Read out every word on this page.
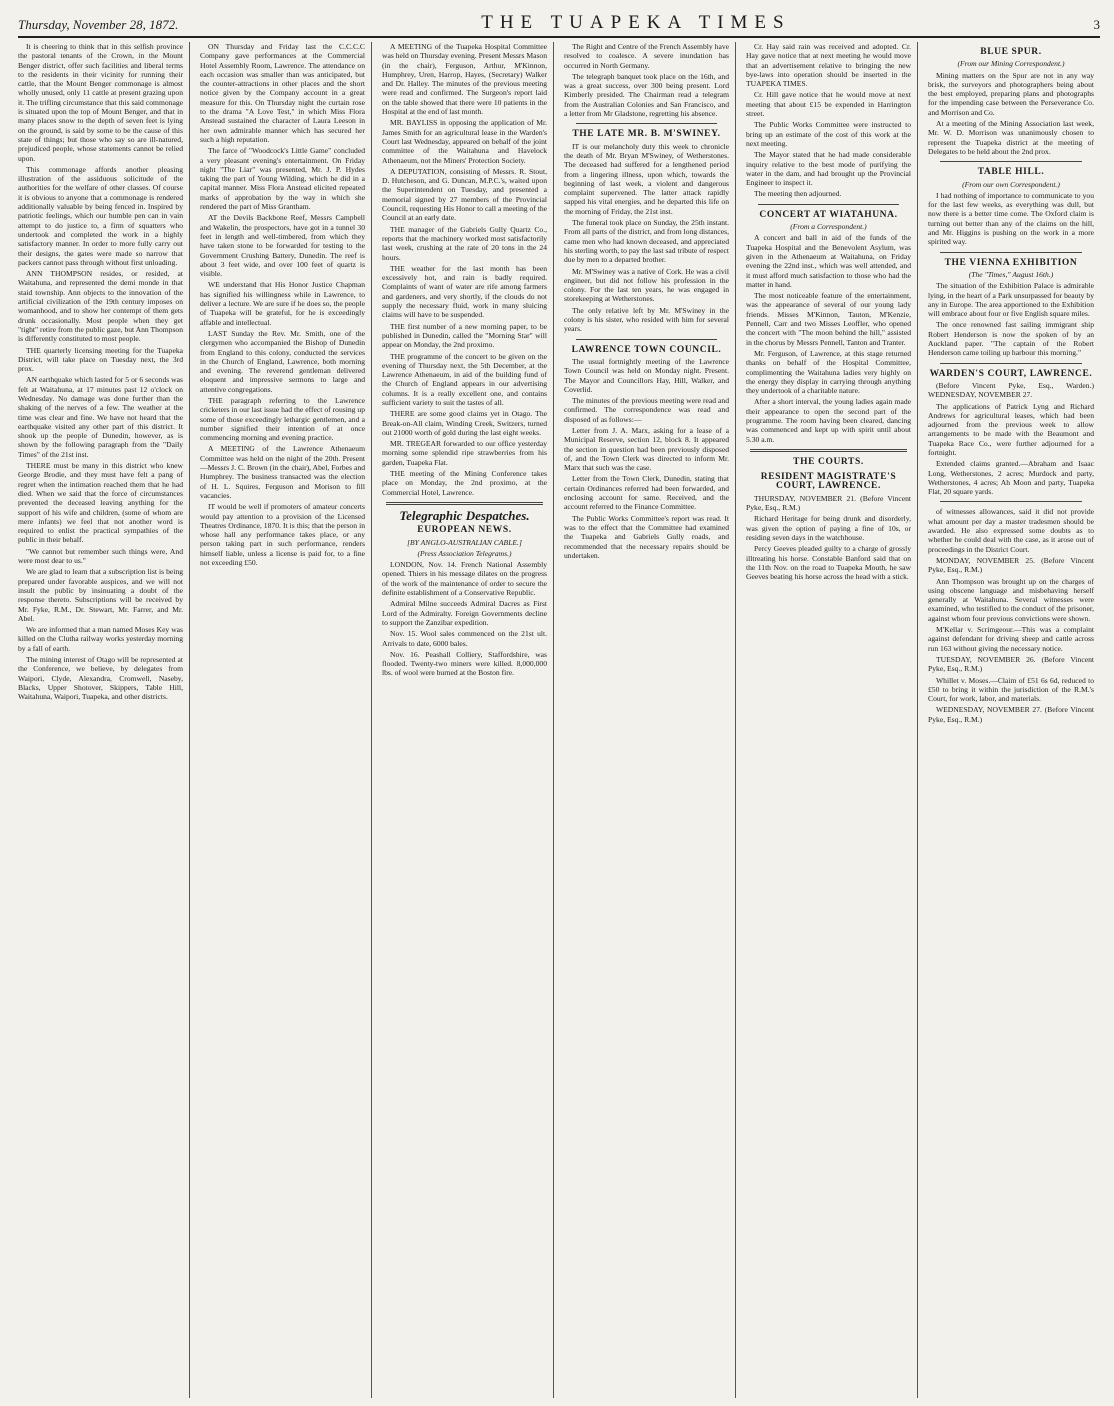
Thursday, November 28, 1872.	THE TUAPEKA TIMES	3

It is cheering to think that in this selfish province the pastoral tenants of the Crown, in the Mount Benger district, offer such facilities and liberal terms to the residents in their vicinity for running their cattle, that the Mount Benger commonage is almost wholly unused, only 11 cattle at present grazing upon it. The trifling circumstance that this said commonage is situated upon the top of Mount Benger, and that in many places snow to the depth of seven feet is lying on the ground, is said by some to be the cause of this state of things; but those who say so are ill-natured, prejudiced people, whose statements cannot be relied upon.

This commonage affords another pleasing illustration of the assiduous solicitude of the authorities for the welfare of other classes. Of course it is obvious to anyone that a commonage is rendered additionally valuable by being fenced in. Inspired by patriotic feelings, which our humble pen can in vain attempt to do justice to, a firm of squatters who undertook and completed the work in a highly satisfactory manner. In order to more fully carry out their designs, the gates were made so narrow that packers cannot pass through without first unloading.

ANN THOMPSON resides, or resided, at Waitahuna, and represented the demi monde in that staid township. Ann objects to the innovation of the artificial civilization of the 19th century imposes on womanhood, and to show her contempt of them gets drunk occasionally. Most people when they get "tight" retire from the public gaze, but Ann Thompson is differently constituted to most people.

THE quarterly licensing meeting for the Tuapeka District, will take place on Tuesday next, the 3rd prox.

AN earthquake which lasted for 5 or 6 seconds was felt at Waitahuna, at 17 minutes past 12 o'clock on Wednesday. No damage was done further than the shaking of the nerves of a few. The weather at the time was clear and fine. We have not heard that the earthquake visited any other part of this district. It shook up the people of Dunedin, however, as is shown by the following paragraph from the "Daily Times" of the 21st inst.

THERE must be many in this district who knew George Brodie, and they must have felt a pang of regret when the intimation reached them that he had died. When we said that the force of circumstances prevented the deceased leaving anything for the support of his wife and children, (some of whom are mere infants) we feel that not another word is required to enlist the practical sympathies of the public in their behalf.

"We cannot but remember such things were, And were most dear to us."

We are glad to learn that a subscription list is being prepared under favorable auspices, and we will not insult the public by insinuating a doubt of the response thereto. Subscriptions will be received by Mr. Fyke, R.M., Dr. Stewart, Mr. Farrer, and Mr. Abel.

We are informed that a man named Moses Key was killed on the Clutha railway works yesterday morning by a fall of earth.

The mining interest of Otago will be represented at the Conference, we believe, by delegates from Waipori, Clyde, Alexandra, Cromwell, Naseby, Blacks, Upper Shotover, Skippers, Table Hill, Waitahuna, Waipori, Tuapeka, and other districts.

ON Thursday and Friday last the C.C.C.C Company gave performances at the Commercial Hotel Assembly Room, Lawrence. The attendance on each occasion was smaller than was anticipated, but the counter-attractions in other places and the short notice given by the Company account in a great measure for this. On Thursday night the curtain rose to the drama "A Love Test," in which Miss Flora Anstead sustained the character of Laura Leeson in her own admirable manner which has secured her such a high reputation.

The farce of "Woodcock's Little Game" concluded a very pleasant evening's entertainment. On Friday night "The Liar" was presented, Mr. J. P. Hydes taking the part of Young Wilding, which he did in a capital manner. Miss Flora Anstead elicited repeated marks of approbation by the way in which she rendered the part of Miss Grantham.

AT the Devils Backbone Reef, Messrs Campbell and Wakelin, the prospectors, have got in a tunnel 30 feet in length and well-timbered, from which they have taken stone to be forwarded for testing to the Government Crushing Battery, Dunedin. The reef is about 3 feet wide, and over 100 feet of quartz is visible.

WE understand that His Honor Justice Chapman has signified his willingness while in Lawrence, to deliver a lecture. We are sure if he does so, the people of Tuapeka will be grateful, for he is exceedingly affable and intellectual.

LAST Sunday the Rev. Mr. Smith, one of the clergymen who accompanied the Bishop of Dunedin from England to this colony, conducted the services in the Church of England, Lawrence, both morning and evening. The reverend gentleman delivered eloquent and impressive sermons to large and attentive congregations.

THE paragraph referring to the Lawrence cricketers in our last issue had the effect of rousing up some of those exceedingly lethargic gentlemen, and a number signified their intention of at once commencing morning and evening practice.

A MEETING of the Lawrence Athenaeum Committee was held on the night of the 20th. Present—Messrs J. C. Brown (in the chair), Abel, Forbes and Humphrey. The business transacted was the election of H. L. Squires, Ferguson and Morison to fill vacancies.

IT would be well if promoters of amateur concerts would pay attention to a provision of the Licensed Theatres Ordinance, 1870. It is this; that the person in whose hall any performance takes place, or any person taking part in such performance, renders himself liable, unless a license is paid for, to a fine not exceeding £50.

A MEETING of the Tuapeka Hospital Committee was held on Thursday evening. Present Messrs Mason (in the chair), Ferguson, Arthur, M'Kinnon, Humphrey, Uren, Harrop, Hayes, (Secretary) Walker and Dr. Halley. The minutes of the previous meeting were read and confirmed. The Surgeon's report laid on the table showed that there were 10 patients in the Hospital at the end of last month.

MR. BAYLISS in opposing the application of Mr. James Smith for an agricultural lease in the Warden's Court last Wednesday, appeared on behalf of the joint committee of the Waitahuna and Havelock Athenaeum, not the Miners' Protection Society.

A DEPUTATION, consisting of Messrs. R. Stout, D. Hutcheson, and G. Duncan, M.P.C.'s, waited upon the Superintendent on Tuesday, and presented a memorial signed by 27 members of the Provincial Council, requesting His Honor to call a meeting of the Council at an early date.

THE manager of the Gabriels Gully Quartz Co., reports that the machinery worked most satisfactorily last week, crushing at the rate of 20 tons in the 24 hours.

THE weather for the last month has been excessively hot, and rain is badly required. Complaints of want of water are rife among farmers and gardeners, and very shortly, if the clouds do not supply the necessary fluid, work in many sluicing claims will have to be suspended.

THE first number of a new morning paper, to be published in Dunedin, called the "Morning Star" will appear on Monday, the 2nd proximo.

THE programme of the concert to be given on the evening of Thursday next, the 5th December, at the Lawrence Athenaeum, in aid of the building fund of the Church of England appears in our advertising columns. It is a really excellent one, and contains sufficient variety to suit the tastes of all.

THERE are some good claims yet in Otago. The Break-on-All claim, Winding Creek, Switzers, turned out 21000 worth of gold during the last eight weeks.

MR. TREGEAR forwarded to our office yesterday morning some splendid ripe strawberries from his garden, Tuapeka Flat.

THE meeting of the Mining Conference takes place on Monday, the 2nd proximo, at the Commercial Hotel, Lawrence.

Telegraphic Despatches.
EUROPEAN NEWS.

[BY ANGLO-AUSTRALIAN CABLE.]

(Press Association Telegrams.)

LONDON, Nov. 14. French National Assembly opened. Thiers in his message dilates on the progress of the work of the maintenance of order to secure the definite establishment of a Conservative Republic.

Admiral Milne succeeds Admiral Dacres as First Lord of the Admiralty. Foreign Governments decline to support the Zanzibar expedition.

Nov. 15. Wool sales commenced on the 21st ult. Arrivals to date, 6000 bales.

Nov. 16. Peashall Colliery, Staffordshire, was flooded. Twenty-two miners were killed. 8,000,000 lbs. of wool were burned at the Boston fire.

The Right and Centre of the French Assembly have resolved to coalesce. A severe inundation has occurred in North Germany.

The telegraph banquet took place on the 16th, and was a great success, over 300 being present. Lord Kimberly presided. The Chairman read a telegram from the Australian Colonies and San Francisco, and a letter from Mr Gladstone, regretting his absence.

THE LATE MR. B. M'SWINEY.

IT is our melancholy duty this week to chronicle the death of Mr. Bryan M'Swiney, of Wetherstones. The deceased had suffered for a lengthened period from a lingering illness, upon which, towards the beginning of last week, a violent and dangerous complaint supervened. The latter attack rapidly sapped his vital energies, and he departed this life on the morning of Friday, the 21st inst.

The funeral took place on Sunday, the 25th instant. From all parts of the district, and from long distances, came men who had known deceased, and appreciated his sterling worth, to pay the last sad tribute of respect due by men to a departed brother.

Mr. M'Swiney was a native of Cork. He was a civil engineer, but did not follow his profession in the colony. For the last ten years, he was engaged in storekeeping at Wetherstones.

The only relative left by Mr. M'Swiney in the colony is his sister, who resided with him for several years.

LAWRENCE TOWN COUNCIL.

The usual fortnightly meeting of the Lawrence Town Council was held on Monday night. Present. The Mayor and Councillors Hay, Hill, Walker, and Coverlid.

The minutes of the previous meeting were read and confirmed. The correspondence was read and disposed of as follows:—

Letter from J. A. Marx, asking for a lease of a Municipal Reserve, section 12, block 8. It appeared the section in question had been previously disposed of, and the Town Clerk was directed to inform Mr. Marx that such was the case.

Letter from the Town Clerk, Dunedin, stating that certain Ordinances referred had been forwarded, and enclosing account for same. Received, and the account referred to the Finance Committee.

The Public Works Committee's report was read. It was to the effect that the Committee had examined the Tuapeka and Gabriels Gully roads, and recommended that the necessary repairs should be undertaken.

Cr. Hay said rain was received and adopted. Cr. Hay gave notice that at next meeting he would move that an advertisement relative to bringing the new bye-laws into operation should be inserted in the TUAPEKA TIMES.

Cr. Hill gave notice that he would move at next meeting that about £15 be expended in Harrington street.

The Public Works Committee were instructed to bring up an estimate of the cost of this work at the next meeting.

The Mayor stated that he had made considerable inquiry relative to the best mode of purifying the water in the dam, and had brought up the Provincial Engineer to inspect it.

The meeting then adjourned.

CONCERT AT WIATAHUNA.

(From a Correspondent.)

A concert and ball in aid of the funds of the Tuapeka Hospital and the Benevolent Asylum, was given in the Athenaeum at Waitahuna, on Friday evening the 22nd inst., which was well attended, and it must afford much satisfaction to those who had the matter in hand.

The most noticeable feature of the entertainment, was the appearance of several of our young lady friends. Misses M'Kinnon, Tauton, M'Kenzie, Pennell, Carr and two Misses Leoffler, who opened the concert with "The moon behind the hill," assisted in the chorus by Messrs Pennell, Tanton and Tranter.

Mr. Ferguson, of Lawrence, at this stage returned thanks on behalf of the Hospital Committee, complimenting the Waitahuna ladies very highly on the energy they display in carrying through anything they undertook of a charitable nature.

After a short interval, the young ladies again made their appearance to open the second part of the programme. The room having been cleared, dancing was commenced and kept up with spirit until about 5.30 a.m.

THE COURTS.
RESIDENT MAGISTRATE'S COURT, LAWRENCE.

THURSDAY, NOVEMBER 21. (Before Vincent Pyke, Esq., R.M.)

Richard Heritage for being drunk and disorderly, was given the option of paying a fine of 10s, or residing seven days in the watchhouse.

Percy Geeves pleaded guilty to a charge of grossly illtreating his horse. Constable Banford said that on the 11th Nov. on the road to Tuapeka Mouth, he saw Geeves beating his horse across the head with a stick.

BLUE SPUR.

(From our Mining Correspondent.)

Mining matters on the Spur are not in any way brisk, the surveyors and photographers being about the best employed, preparing plans and photographs for the impending case between the Perseverance Co. and Morrison and Co.

At a meeting of the Mining Association last week, Mr. W. D. Morrison was unanimously chosen to represent the Tuapeka district at the meeting of Delegates to be held about the 2nd prox.

TABLE HILL.

(From our own Correspondent.)

I had nothing of importance to communicate to you for the last few weeks, as everything was dull, but now there is a better time come. The Oxford claim is turning out better than any of the claims on the hill, and Mr. Higgins is pushing on the work in a more spirited way.

THE VIENNA EXHIBITION

(The "Times," August 16th.)

The situation of the Exhibition Palace is admirable lying, in the heart of a Park unsurpassed for beauty by any in Europe. The area apportioned to the Exhibition will embrace about four or five English square miles.

The once renowned fast sailing immigrant ship Robert Henderson is now the spoken of by an Auckland paper. "The captain of the Robert Henderson came toiling up harbour this morning."

WARDEN'S COURT, LAWRENCE.

(Before Vincent Pyke, Esq., Warden.) WEDNESDAY, NOVEMBER 27.

The applications of Patrick Lyng and Richard Andrews for agricultural leases, which had been adjourned from the previous week to allow arrangements to be made with the Beaumont and Tuapeka Race Co., were further adjourned for a fortnight.

Extended claims granted.—Abraham and Isaac Long, Wetherstones, 2 acres; Murdock and party, Wetherstones, 4 acres; Ah Moon and party, Tuapeka Flat, 20 square yards.

of witnesses allowances, said it did not provide what amount per day a master tradesmen should be awarded. He also expressed some doubts as to whether he could deal with the case, as it arose out of proceedings in the District Court.

MONDAY, NOVEMBER 25. (Before Vincent Pyke, Esq., R.M.)

Ann Thompson was brought up on the charges of using obscene language and misbehaving herself generally at Waitahuna. Several witnesses were examined, who testified to the conduct of the prisoner, against whom four previous convictions were shown.

M'Kellar v. Scrimgeour.—This was a complaint against defendant for driving sheep and cattle across run 163 without giving the necessary notice.

TUESDAY, NOVEMBER 26. (Before Vincent Pyke, Esq., R.M.)

Whillet v. Moses.—Claim of £51 6s 6d, reduced to £50 to bring it within the jurisdiction of the R.M.'s Court, for work, labor, and materials.

WEDNESDAY, NOVEMBER 27. (Before Vincent Pyke, Esq., R.M.)
